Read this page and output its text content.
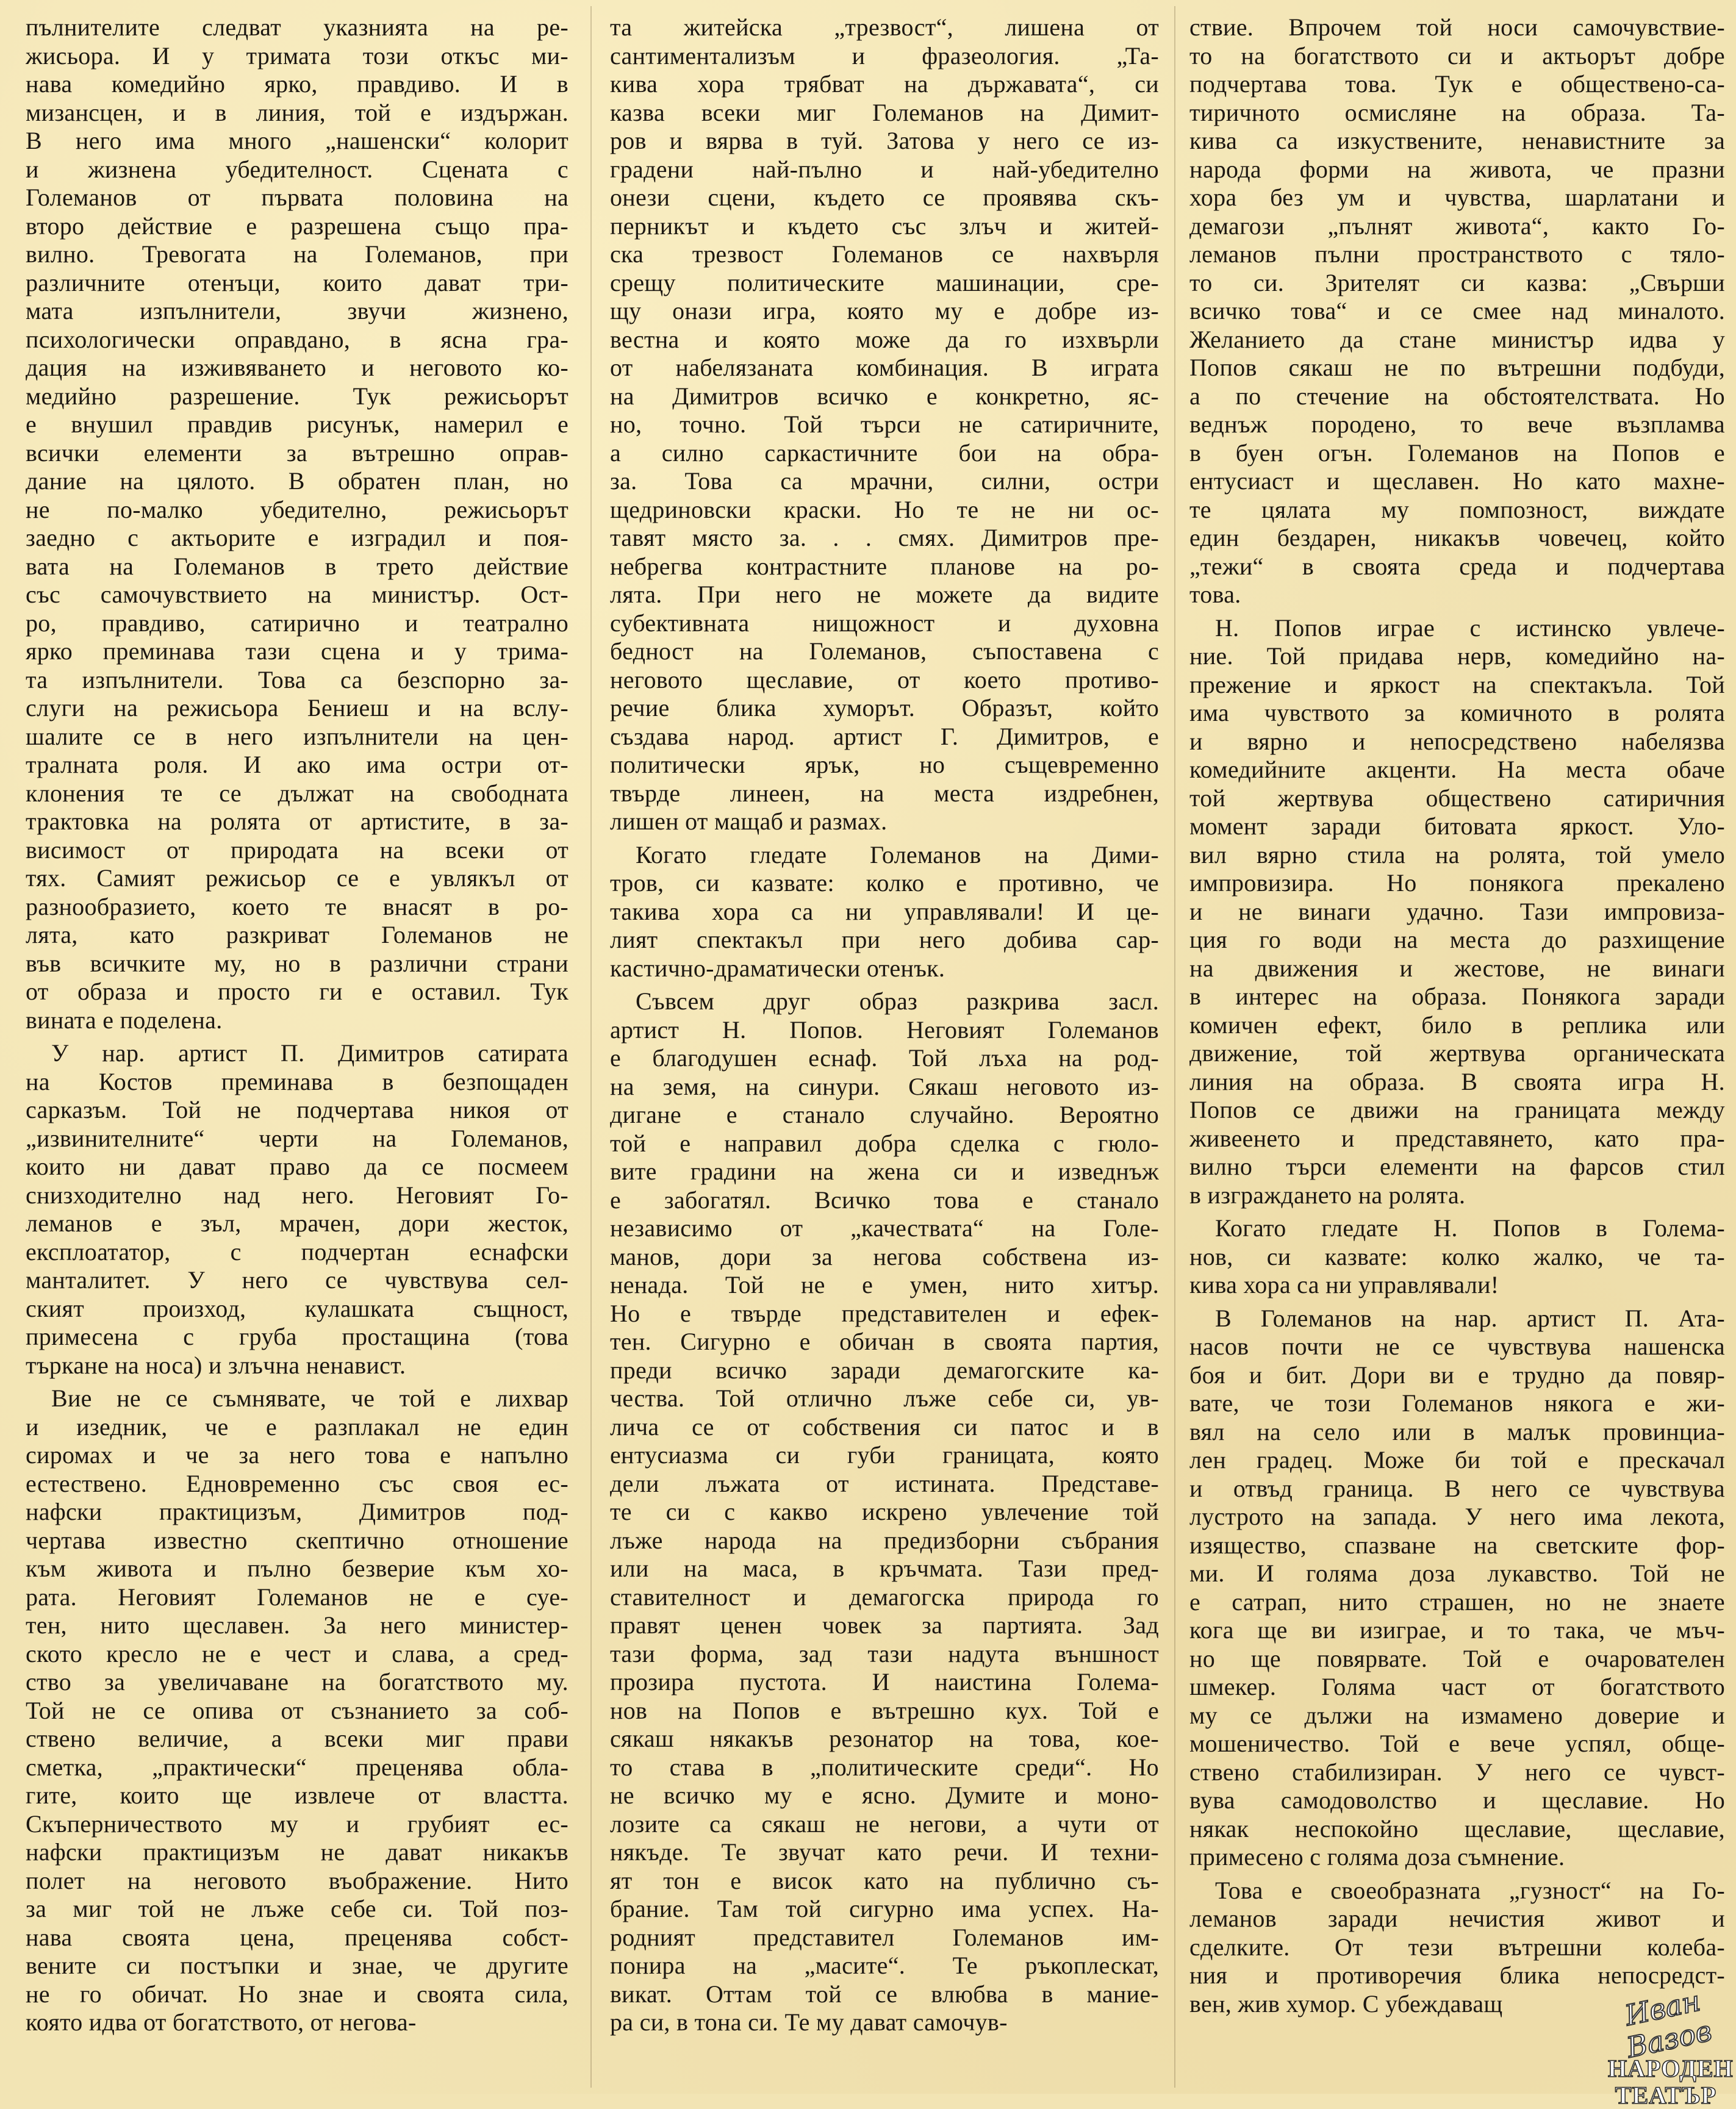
пълнителите следват указнията на ре-
жисьора. И у тримата този откъс ми-
нава комедийно ярко, правдиво. И в
мизансцен, и в линия, той е издържан.
В него има много „нашенски“ колорит
и жизнена убедителност. Сцената с
Големанов от първата половина на
второ действие е разрешена също пра-
вилно. Тревогата на Големанов, при
различните отенъци, които дават три-
мата изпълнители, звучи жизнено,
психологически оправдано, в ясна гра-
дация на изживяването и неговото ко-
медийно разрешение. Тук режисьорът
е внушил правдив рисунък, намерил е
всички елементи за вътрешно оправ-
дание на цялото. В обратен план, но
не по-малко убедително, режисьорът
заедно с актьорите е изградил и поя-
вата на Големанов в трето действие
със самочувствието на министър. Ост-
ро, правдиво, сатирично и театрално
ярко преминава тази сцена и у трима-
та изпълнители. Това са безспорно за-
слуги на режисьора Бениеш и на вслу-
шалите се в него изпълнители на цен-
тралната роля. И ако има остри от-
клонения те се дължат на свободната
трактовка на ролята от артистите, в за-
висимост от природата на всеки от
тях. Самият режисьор се е увлякъл от
разнообразието, което те внасят в ро-
лята, като разкриват Големанов не
във всичките му, но в различни страни
от образа и просто ги е оставил. Тук
вината е поделена.
У нар. артист П. Димитров сатирата
на Костов преминава в безпощаден
сарказъм. Той не подчертава никоя от
„извинителните“ черти на Големанов,
които ни дават право да се посмеем
снизходително над него. Неговият Го-
леманов е зъл, мрачен, дори жесток,
експлоататор, с подчертан еснафски
манталитет. У него се чувствува сел-
ският произход, кулашката същност,
примесена с груба простащина (това
търкане на носа) и злъчна ненавист.
Вие не се съмнявате, че той е лихвар
и изедник, че е разплакал не един
сиромах и че за него това е напълно
естествено. Едновременно със своя ес-
нафски практицизъм, Димитров под-
чертава известно скептично отношение
към живота и пълно безверие към хо-
рата. Неговият Големанов не е суе-
тен, нито щеславен. За него министер-
ското кресло не е чест и слава, а сред-
ство за увеличаване на богатството му.
Той не се опива от съзнанието за соб-
ствено величие, а всеки миг прави
сметка, „практически“ преценява обла-
гите, които ще извлече от властта.
Скъперничеството му и грубият ес-
нафски практицизъм не дават никакъв
полет на неговото въображение. Нито
за миг той не лъже себе си. Той поз-
нава своята цена, преценява собст-
вените си постъпки и знае, че другите
не го обичат. Но знае и своята сила,
която идва от богатството, от негова-
та житейска „трезвост“, лишена от
сантиментализъм и фразеология. „Та-
кива хора трябват на държавата“, си
казва всеки миг Големанов на Димит-
ров и вярва в туй. Затова у него се из-
градени най-пълно и най-убедително
онези сцени, където се проявява скъ-
перникът и където със злъч и житей-
ска трезвост Големанов се нахвърля
срещу политическите машинации, сре-
щу онази игра, която му е добре из-
вестна и която може да го изхвърли
от набелязаната комбинация. В играта
на Димитров всичко е конкретно, яс-
но, точно. Той търси не сатиричните,
а силно саркастичните бои на обра-
за. Това са мрачни, силни, остри
щедриновски краски. Но те не ни ос-
тавят място за. . . смях. Димитров пре-
небрегва контрастните планове на ро-
лята. При него не можете да видите
субективната нищожност и духовна
бедност на Големанов, съпоставена с
неговото щеславие, от което противо-
речие блика хуморът. Образът, който
създава народ. артист Г. Димитров, е
политически ярък, но същевременно
твърде линеен, на места издребнен,
лишен от мащаб и размах.
Когато гледате Големанов на Дими-
тров, си казвате: колко е противно, че
такива хора са ни управлявали! И це-
лият спектакъл при него добива сар-
кастично-драматически отенък.
Съвсем друг образ разкрива засл.
артист Н. Попов. Неговият Големанов
е благодушен еснаф. Той лъха на род-
на земя, на синури. Сякаш неговото из-
дигане е станало случайно. Вероятно
той е направил добра сделка с гюло-
вите градини на жена си и изведнъж
е забогатял. Всичко това е станало
независимо от „качествата“ на Голе-
манов, дори за негова собствена из-
ненада. Той не е умен, нито хитър.
Но е твърде представителен и ефек-
тен. Сигурно е обичан в своята партия,
преди всичко заради демагогските ка-
чества. Той отлично лъже себе си, ув-
лича се от собствения си патос и в
ентусиазма си губи границата, която
дели лъжата от истината. Представе-
те си с какво искрено увлечение той
лъже народа на предизборни събрания
или на маса, в кръчмата. Тази пред-
ставителност и демагогска природа го
правят ценен човек за партията. Зад
тази форма, зад тази надута външност
прозира пустота. И наистина Голема-
нов на Попов е вътрешно кух. Той е
сякаш някакъв резонатор на това, кое-
то става в „политическите среди“. Но
не всичко му е ясно. Думите и моно-
лозите са сякаш не негови, а чути от
някъде. Те звучат като речи. И техни-
ят тон е висок като на публично съ-
брание. Там той сигурно има успех. На-
родният представител Големанов им-
понира на „масите“. Те ръкоплескат,
викат. Оттам той се влюбва в маниe-
ра си, в тона си. Те му дават самочув-
ствие. Впрочем той носи самочувствие-
то на богатството си и актьорът добре
подчертава това. Тук е обществено-са-
тиричното осмисляне на образа. Та-
кива са изкуствените, ненавистните за
народа форми на живота, че празни
хора без ум и чувства, шарлатани и
демагози „пълнят живота“, както Го-
леманов пълни пространството с тяло-
то си. Зрителят си казва: „Свърши
всичко това“ и се смее над миналото.
Желанието да стане министър идва у
Попов сякаш не по вътрешни подбуди,
а по стечение на обстоятелствата. Но
веднъж породено, то вече възпламва
в буен огън. Големанов на Попов е
ентусиаст и щеславен. Но като махне-
те цялата му помпозност, виждате
един бездарен, никакъв човечец, който
„тежи“ в своята среда и подчертава
това.
Н. Попов играе с истинско увлече-
ние. Той придава нерв, комедийно на-
прежение и яркост на спектакъла. Той
има чувството за комичното в ролята
и вярно и непосредствено набелязва
комедийните акценти. На места обаче
той жертвува обществено сатиричния
момент заради битовата яркост. Уло-
вил вярно стила на ролята, той умело
импровизира. Но понякога прекалено
и не винаги удачно. Тази импровиза-
ция го води на места до разхищение
на движения и жестове, не винаги
в интерес на образа. Понякога заради
комичен ефект, било в реплика или
движение, той жертвува органическата
линия на образа. В своята игра Н.
Попов се движи на границата между
живеенето и представянето, като пра-
вилно търси елементи на фарсов стил
в изграждането на ролята.
Когато гледате Н. Попов в Голема-
нов, си казвате: колко жалко, че та-
кива хора са ни управлявали!
В Големанов на нар. артист П. Ата-
насов почти не се чувствува нашенска
боя и бит. Дори ви е трудно да повяр-
вате, че този Големанов някога е жи-
вял на село или в малък провинциа-
лен градец. Може би той е прескачал
и отвъд граница. В него се чувствува
лустрото на запада. У него има лекота,
изящество, спазване на светските фор-
ми. И голяма доза лукавство. Той не
е сатрап, нито страшен, но не знаете
кога ще ви изиграе, и то така, че мъч-
но ще повярвате. Той е очарователен
шмекер. Голяма част от богатството
му се дължи на измамено доверие и
мошеничество. Той е вече успял, обще-
ствено стабилизиран. У него се чувст-
вува самодоволство и щеславие. Но
някак неспокойно щеславие, щеславие,
примесено с голяма доза съмнение.
Това е своеобразната „гузност“ на Го-
леманов заради нечистия живот и
сделките. От тези вътрешни колеба-
ния и противоречия блика непосредст-
вен, жив хумор. С убеждаващ	Иван Вазов
НАРОДЕН
ТЕАТЪР
